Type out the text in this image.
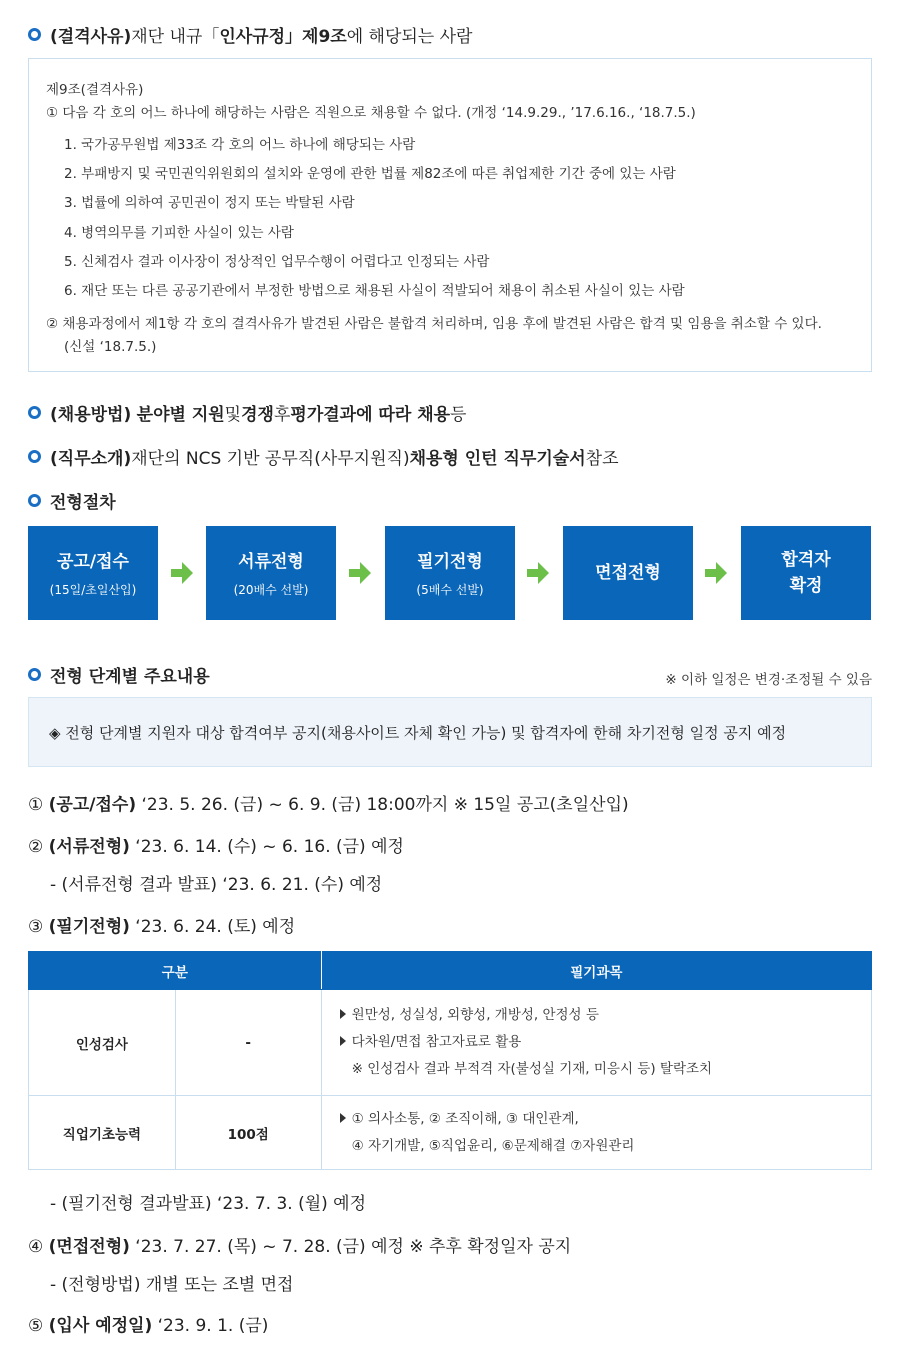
(결격사유) 재단 내규「 인사규정」제9조 에 해당되는 사람
제9조(결격사유)
① 다음 각 호의 어느 하나에 해당하는 사람은 직원으로 채용할 수 없다. (개정 ‘14.9.29., ’17.6.16., ‘18.7.5.)
1. 국가공무원법 제33조 각 호의 어느 하나에 해당되는 사람
2. 부패방지 및 국민권익위원회의 설치와 운영에 관한 법률 제82조에 따른 취업제한 기간 중에 있는 사람
3. 법률에 의하여 공민권이 정지 또는 박탈된 사람
4. 병역의무를 기피한 사실이 있는 사람
5. 신체검사 결과 이사장이 정상적인 업무수행이 어렵다고 인정되는 사람
6. 재단 또는 다른 공공기관에서 부정한 방법으로 채용된 사실이 적발되어 채용이 취소된 사실이 있는 사람
② 채용과정에서 제1항 각 호의 결격사유가 발견된 사람은 불합격 처리하며, 임용 후에 발견된 사람은 합격 및 임용을 취소할 수 있다.
(신설 ‘18.7.5.)
(채용방법)
분야별 지원 및 경쟁 후 평가결과에 따라 채용 등
(직무소개) 재단의 NCS 기반 공무직(사무지원직) 채용형 인턴 직무기술서 참조
전형절차
공고/접수
(15일/초일산입)
서류전형
(20배수 선발)
필기전형
(5배수 선발)
면접전형
합격자
확정
전형 단계별 주요내용	※ 이하 일정은 변경·조정될 수 있음
◈ 전형 단계별 지원자 대상 합격여부 공지(채용사이트 자체 확인 가능) 및 합격자에 한해 차기전형 일정 공지 예정
① (공고/접수) ‘23. 5. 26. (금) ~ 6. 9. (금) 18:00까지 ※ 15일 공고(초일산입)
② (서류전형) ‘23. 6. 14. (수) ~ 6. 16. (금) 예정
- (서류전형 결과 발표) ‘23. 6. 21. (수) 예정
③ (필기전형) ‘23. 6. 24. (토) 예정
구분		필기과목
인성검사	-	원만성, 성실성, 외향성, 개방성, 안정성 등
다차원/면접 참고자료로 활용
※ 인성검사 결과 부적격 자(불성실 기재, 미응시 등) 탈락조치

직업기초능력	100점	① 의사소통, ② 조직이해, ③ 대인관계,
④ 자기개발, ⑤직업윤리, ⑥문제해결 ⑦자원관리
- (필기전형 결과발표) ‘23. 7. 3. (월) 예정
④ (면접전형) ‘23. 7. 27. (목) ~ 7. 28. (금) 예정 ※ 추후 확정일자 공지
- (전형방법) 개별 또는 조별 면접
⑤ (입사 예정일) ‘23. 9. 1. (금)
